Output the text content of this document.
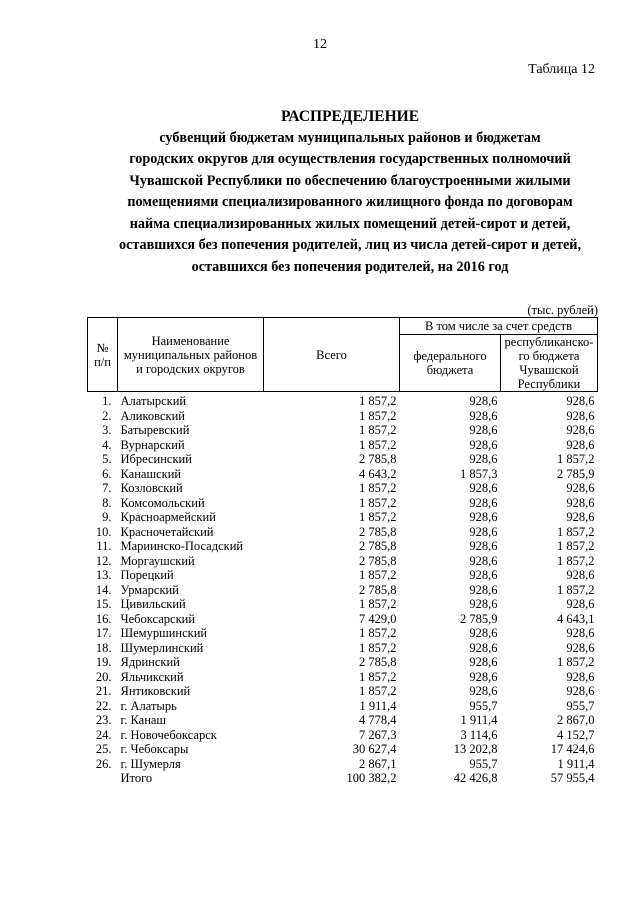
12
Таблица 12
РАСПРЕДЕЛЕНИЕ
субвенций бюджетам муниципальных районов и бюджетам
городских округов для осуществления государственных полномочий
Чувашской Республики по обеспечению благоустроенными жилыми
помещениями специализированного жилищного фонда по договорам
найма специализированных жилых помещений детей-сирот и детей,
оставшихся без попечения родителей, лиц из числа детей-сирот и детей,
оставшихся без попечения родителей, на 2016 год
(тыс. рублей)
№ п/п	Наименование муниципальных районов и городских округов	Всего	В том числе за счет средств	
			федерального бюджета	республиканско-го бюджета Чувашской Республики
1.	Алатырский	1 857,2	928,6	928,6
2.	Аликовский	1 857,2	928,6	928,6
3.	Батыревский	1 857,2	928,6	928,6
4.	Вурнарский	1 857,2	928,6	928,6
5.	Ибресинский	2 785,8	928,6	1 857,2
6.	Канашский	4 643,2	1 857,3	2 785,9
7.	Козловский	1 857,2	928,6	928,6
8.	Комсомольский	1 857,2	928,6	928,6
9.	Красноармейский	1 857,2	928,6	928,6
10.	Красночетайский	2 785,8	928,6	1 857,2
11.	Мариинско-Посадский	2 785,8	928,6	1 857,2
12.	Моргаушский	2 785,8	928,6	1 857,2
13.	Порецкий	1 857,2	928,6	928,6
14.	Урмарский	2 785,8	928,6	1 857,2
15.	Цивильский	1 857,2	928,6	928,6
16.	Чебоксарский	7 429,0	2 785,9	4 643,1
17.	Шемуршинский	1 857,2	928,6	928,6
18.	Шумерлинский	1 857,2	928,6	928,6
19.	Ядринский	2 785,8	928,6	1 857,2
20.	Яльчикский	1 857,2	928,6	928,6
21.	Янтиковский	1 857,2	928,6	928,6
22.	г. Алатырь	1 911,4	955,7	955,7
23.	г. Канаш	4 778,4	1 911,4	2 867,0
24.	г. Новочебоксарск	7 267,3	3 114,6	4 152,7
25.	г. Чебоксары	30 627,4	13 202,8	17 424,6
26.	г. Шумерля	2 867,1	955,7	1 911,4
	Итого	100 382,2	42 426,8	57 955,4
